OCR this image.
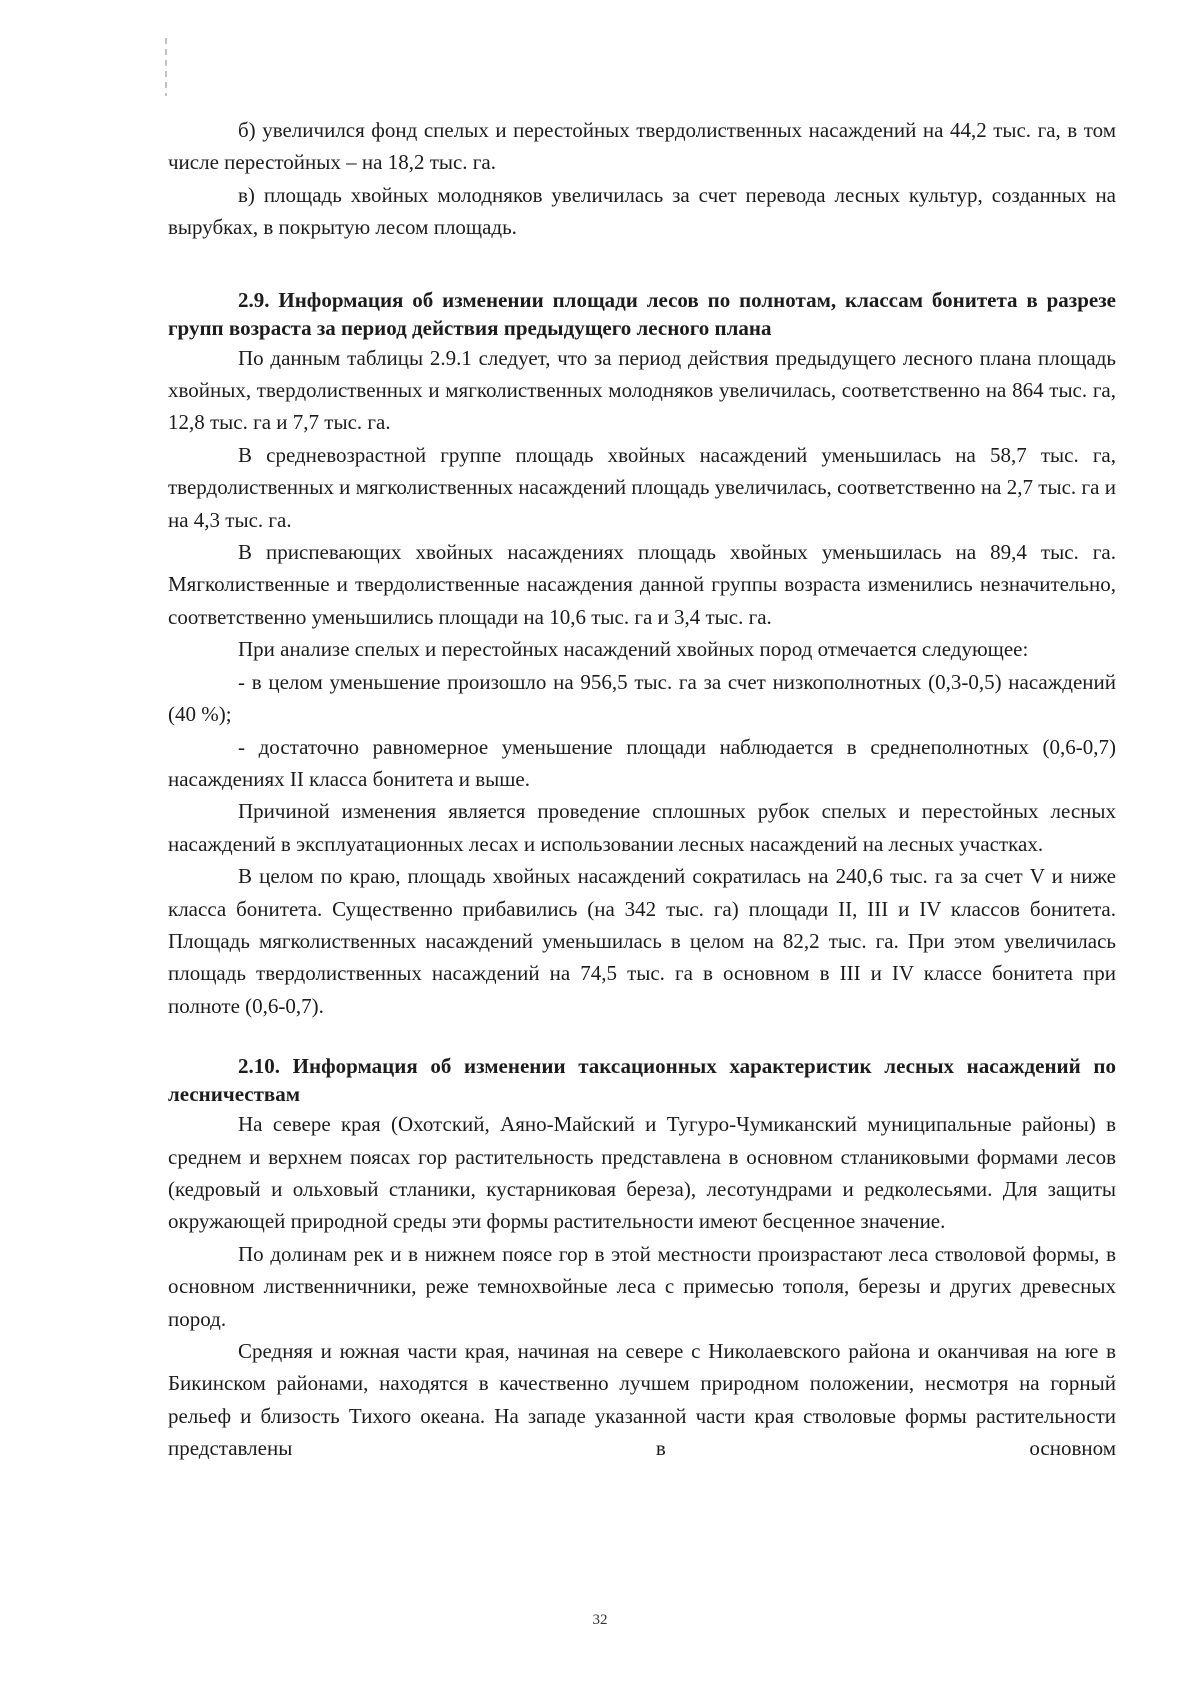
б) увеличился фонд спелых и перестойных твердолиственных насаждений на 44,2 тыс. га, в том числе перестойных – на 18,2 тыс. га.

в) площадь хвойных молодняков увеличилась за счет перевода лесных культур, созданных на вырубках, в покрытую лесом площадь.

2.9. Информация об изменении площади лесов по полнотам, классам бонитета в разрезе групп возраста за период действия предыдущего лесного плана

По данным таблицы 2.9.1 следует, что за период действия предыдущего лесного плана площадь хвойных, твердолиственных и мягколиственных молодняков увеличилась, соответственно на 864 тыс. га, 12,8 тыс. га и 7,7 тыс. га.

В средневозрастной группе площадь хвойных насаждений уменьшилась на 58,7 тыс. га, твердолиственных и мягколиственных насаждений площадь увеличилась, соответственно на 2,7 тыс. га и на 4,3 тыс. га.

В приспевающих хвойных насаждениях площадь хвойных уменьшилась на 89,4 тыс. га. Мягколиственные и твердолиственные насаждения данной группы возраста изменились незначительно, соответственно уменьшились площади на 10,6 тыс. га и 3,4 тыс. га.

При анализе спелых и перестойных насаждений хвойных пород отмечается следующее:

- в целом уменьшение произошло на 956,5 тыс. га за счет низкополнотных (0,3-0,5) насаждений (40 %);

- достаточно равномерное уменьшение площади наблюдается в среднеполнотных (0,6-0,7) насаждениях II класса бонитета и выше.

Причиной изменения является проведение сплошных рубок спелых и перестойных лесных насаждений в эксплуатационных лесах и использовании лесных насаждений на лесных участках.

В целом по краю, площадь хвойных насаждений сократилась на 240,6 тыс. га за счет V и ниже класса бонитета. Существенно прибавились (на 342 тыс. га) площади II, III и IV классов бонитета. Площадь мягколиственных насаждений уменьшилась в целом на 82,2 тыс. га. При этом увеличилась площадь твердолиственных насаждений на 74,5 тыс. га в основном в III и IV классе бонитета при полноте (0,6-0,7).

2.10. Информация об изменении таксационных характеристик лесных насаждений по лесничествам

На севере края (Охотский, Аяно-Майский и Тугуро-Чумиканский муниципальные районы) в среднем и верхнем поясах гор растительность представлена в основном стланиковыми формами лесов (кедровый и ольховый стланики, кустарниковая береза), лесотундрами и редколесьями. Для защиты окружающей природной среды эти формы растительности имеют бесценное значение.

По долинам рек и в нижнем поясе гор в этой местности произрастают леса стволовой формы, в основном лиственничники, реже темнохвойные леса с примесью тополя, березы и других древесных пород.

Средняя и южная части края, начиная на севере с Николаевского района и оканчивая на юге в Бикинском районами, находятся в качественно лучшем природном положении, несмотря на горный рельеф и близость Тихого океана. На западе указанной части края стволовые формы растительности представлены в основном

32
